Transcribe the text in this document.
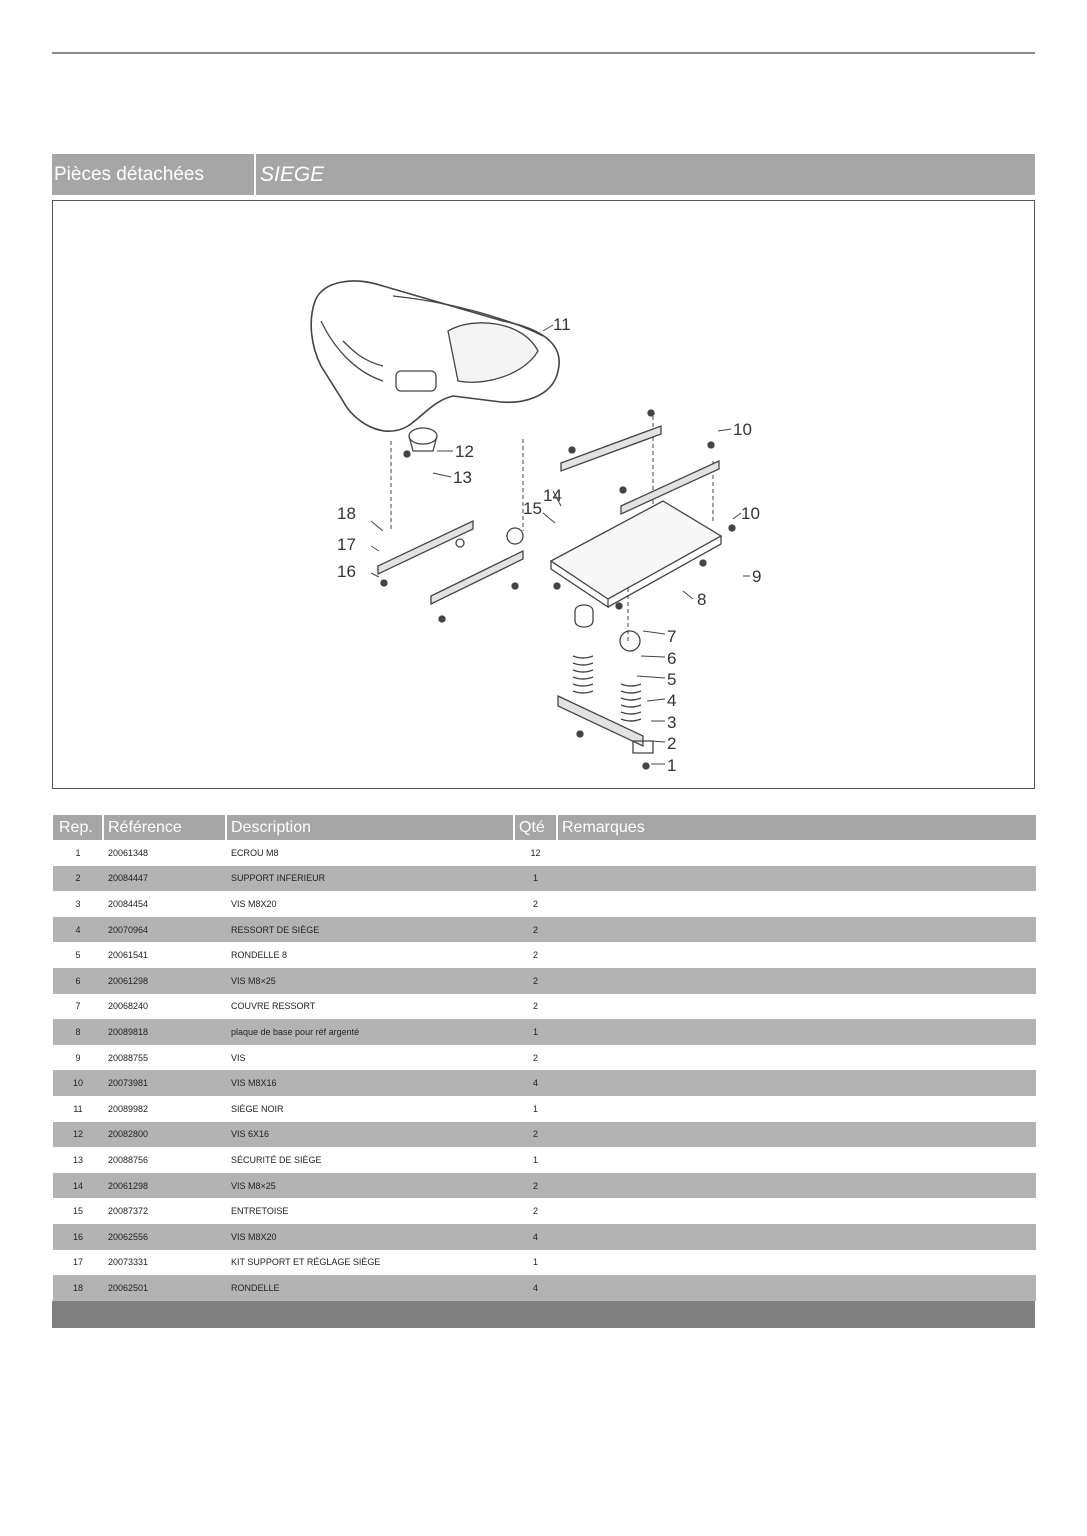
Pièces détachées	SIEGE
1
2
3
4
5
6
7
8
9
10
10
11
12
13
14
15
16
17
18
Rep.	Référence	Description	Qté	Remarques
1	20061348	ECROU M8	12	
2	20084447	SUPPORT INFERIEUR	1	
3	20084454	VIS M8X20	2	
4	20070964	RESSORT DE SIÈGE	2	
5	20061541	RONDELLE 8	2	
6	20061298	VIS M8×25	2	
7	20068240	COUVRE RESSORT	2	
8	20089818	plaque de base pour réf argenté	1	
9	20088755	VIS	2	
10	20073981	VIS M8X16	4	
11	20089982	SIÈGE NOIR	1	
12	20082800	VIS 6X16	2	
13	20088756	SÉCURITÉ DE SIÈGE	1	
14	20061298	VIS M8×25	2	
15	20087372	ENTRETOISE	2	
16	20062556	VIS M8X20	4	
17	20073331	KIT SUPPORT ET RÉGLAGE SIÈGE	1	
18	20062501	RONDELLE	4	
